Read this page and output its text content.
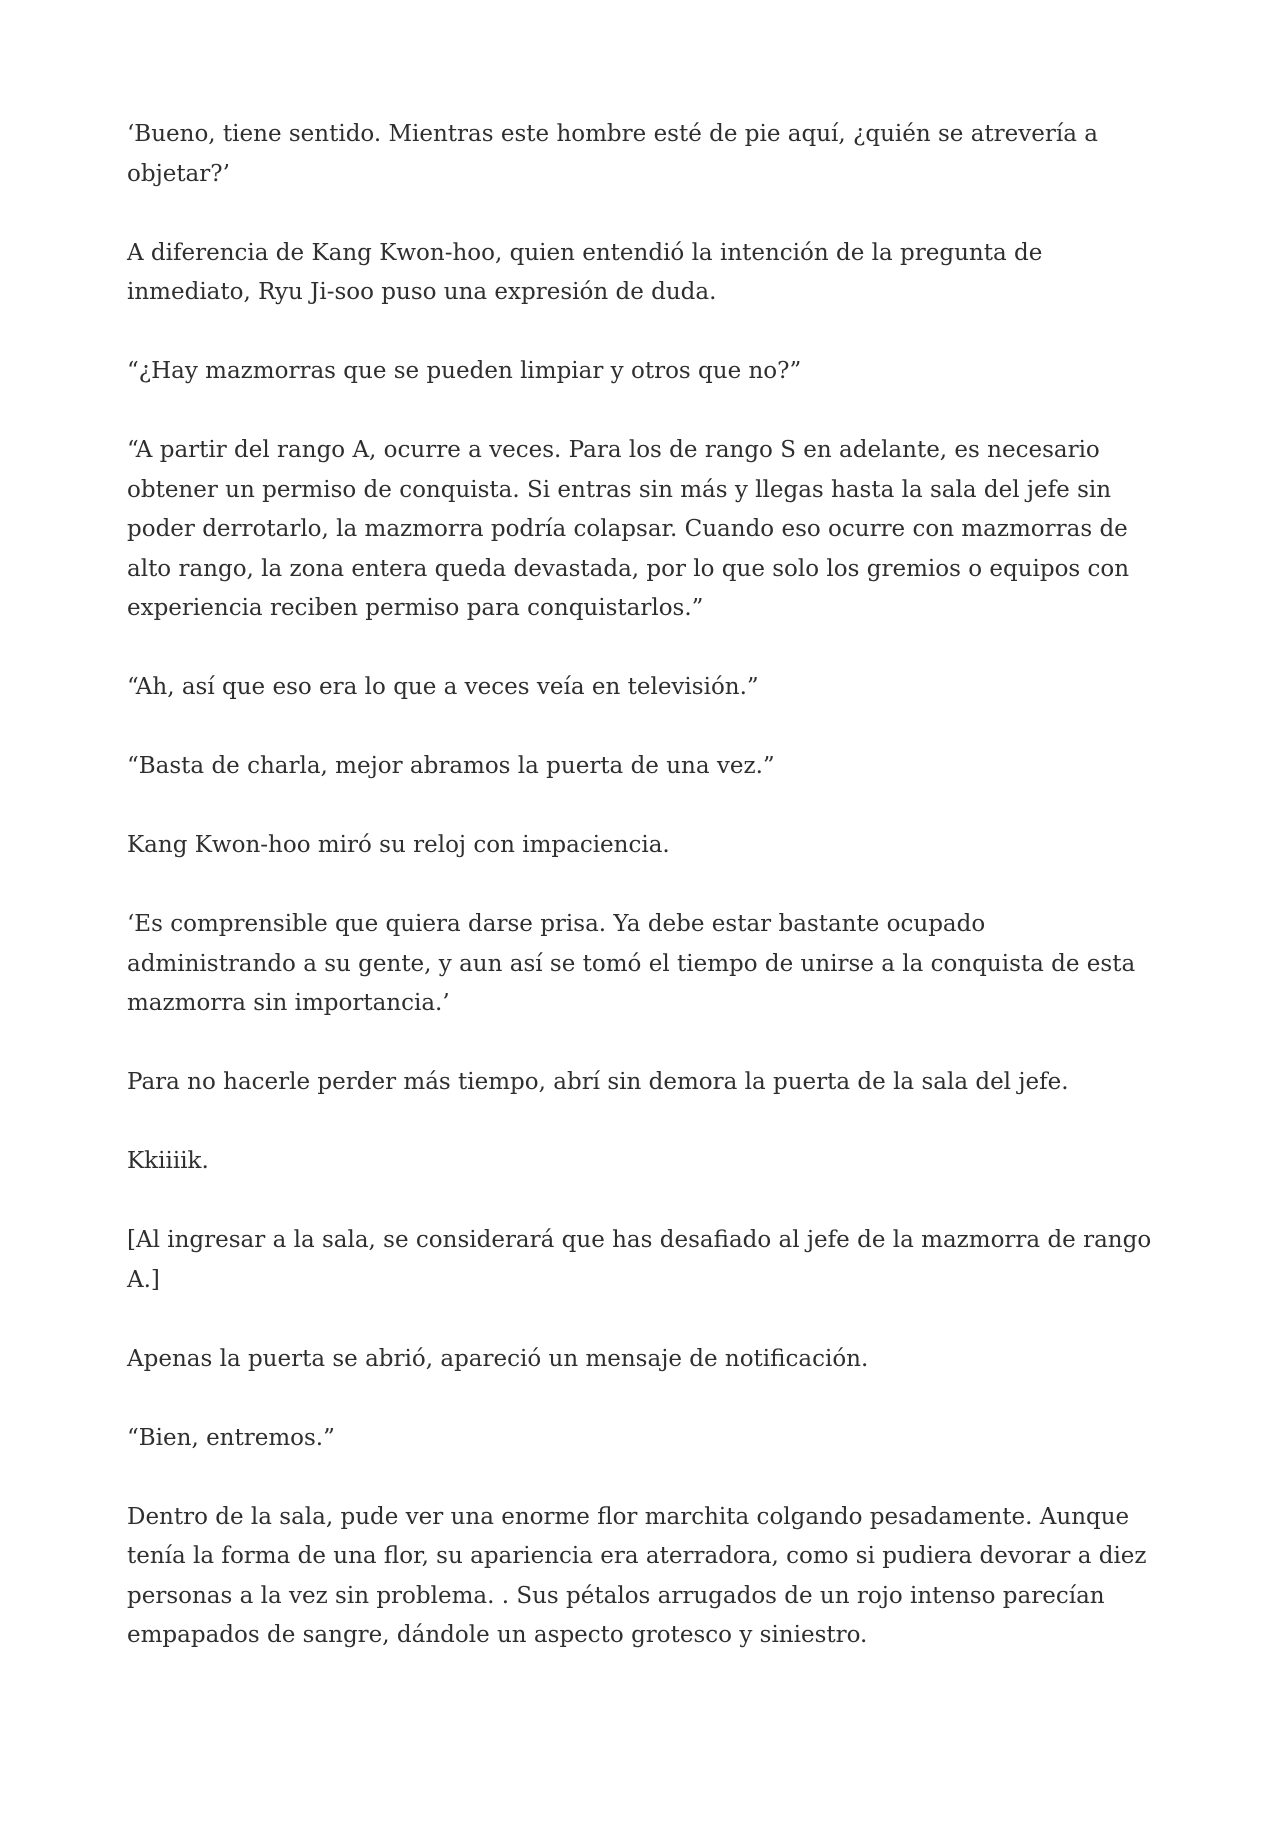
‘Bueno, tiene sentido. Mientras este hombre esté de pie aquí, ¿quién se atrevería a objetar?’

A diferencia de Kang Kwon-hoo, quien entendió la intención de la pregunta de inmediato, Ryu Ji-soo puso una expresión de duda.

“¿Hay mazmorras que se pueden limpiar y otros que no?”

“A partir del rango A, ocurre a veces. Para los de rango S en adelante, es necesario obtener un permiso de conquista. Si entras sin más y llegas hasta la sala del jefe sin poder derrotarlo, la mazmorra podría colapsar. Cuando eso ocurre con mazmorras de alto rango, la zona entera queda devastada, por lo que solo los gremios o equipos con experiencia reciben permiso para conquistarlos.”

“Ah, así que eso era lo que a veces veía en televisión.”

“Basta de charla, mejor abramos la puerta de una vez.”

Kang Kwon-hoo miró su reloj con impaciencia.

‘Es comprensible que quiera darse prisa. Ya debe estar bastante ocupado administrando a su gente, y aun así se tomó el tiempo de unirse a la conquista de esta mazmorra sin importancia.’

Para no hacerle perder más tiempo, abrí sin demora la puerta de la sala del jefe.

Kkiiiik.

[Al ingresar a la sala, se considerará que has desafiado al jefe de la mazmorra de rango A.]

Apenas la puerta se abrió, apareció un mensaje de notificación.

“Bien, entremos.”

Dentro de la sala, pude ver una enorme flor marchita colgando pesadamente. Aunque tenía la forma de una flor, su apariencia era aterradora, como si pudiera devorar a diez personas a la vez sin problema. . Sus pétalos arrugados de un rojo intenso parecían empapados de sangre, dándole un aspecto grotesco y siniestro.
